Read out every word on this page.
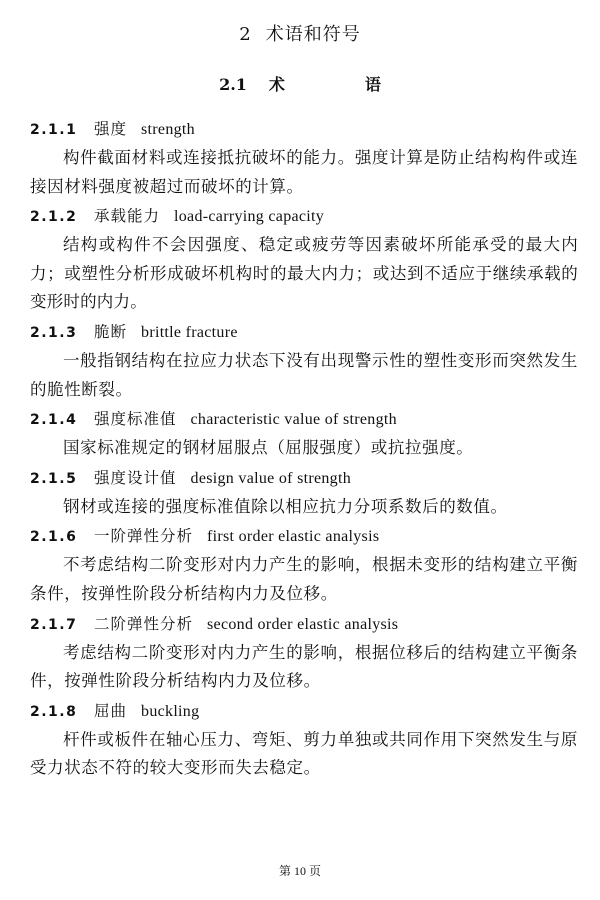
2 术语和符号
2.1 术　语
2.1.1 强度 strength

构件截面材料或连接抵抗破坏的能力。强度计算是防止结构构件或连接因材料强度被超过而破坏的计算。

2.1.2 承载能力 load-carrying capacity

结构或构件不会因强度、稳定或疲劳等因素破坏所能承受的最大内力；或塑性分析形成破坏机构时的最大内力；或达到不适应于继续承载的变形时的内力。

2.1.3 脆断 brittle fracture

一般指钢结构在拉应力状态下没有出现警示性的塑性变形而突然发生的脆性断裂。

2.1.4 强度标准值 characteristic value of strength

国家标准规定的钢材屈服点（屈服强度）或抗拉强度。

2.1.5 强度设计值 design value of strength

钢材或连接的强度标准值除以相应抗力分项系数后的数值。

2.1.6 一阶弹性分析 first order elastic analysis

不考虑结构二阶变形对内力产生的影响，根据未变形的结构建立平衡条件，按弹性阶段分析结构内力及位移。

2.1.7 二阶弹性分析 second order elastic analysis

考虑结构二阶变形对内力产生的影响，根据位移后的结构建立平衡条件，按弹性阶段分析结构内力及位移。

2.1.8 屈曲 buckling

杆件或板件在轴心压力、弯矩、剪力单独或共同作用下突然发生与原受力状态不符的较大变形而失去稳定。

第 10 页
